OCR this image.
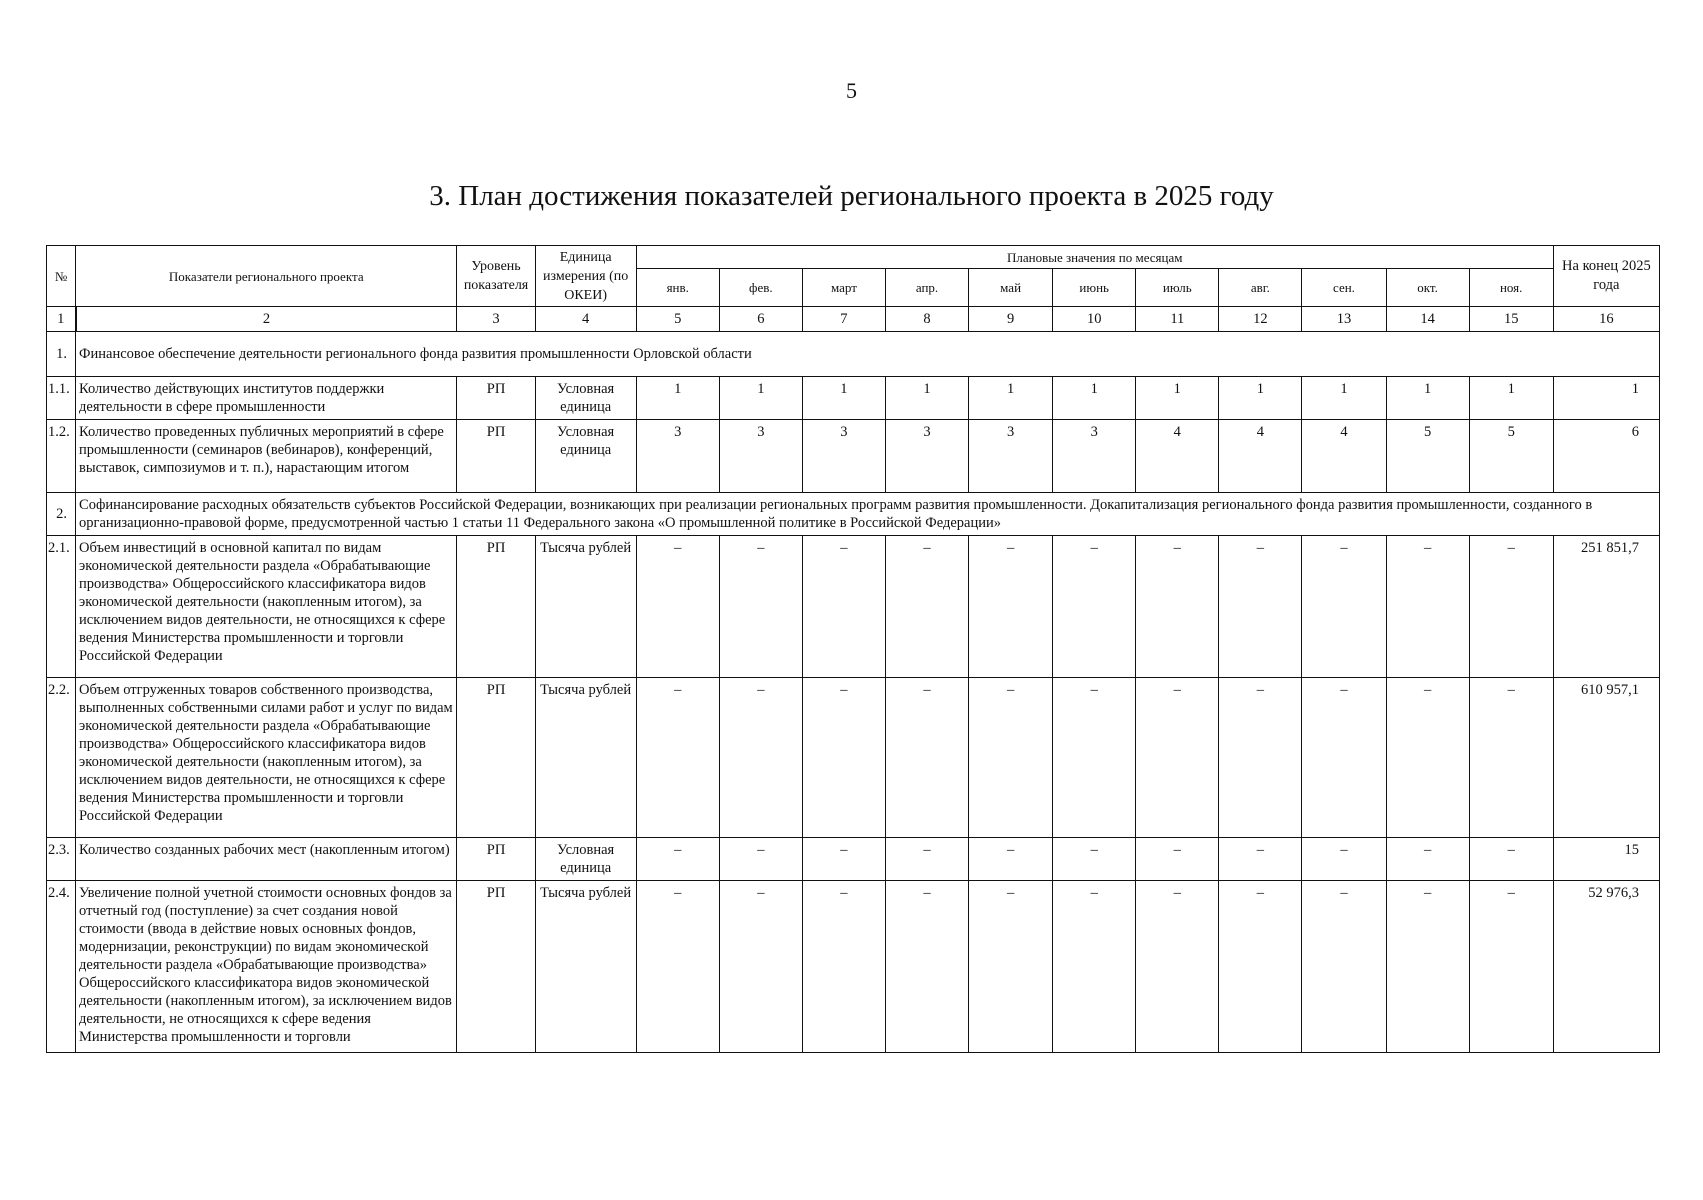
5
3. План достижения показателей регионального проекта в 2025 году
№	Показатели регионального проекта	Уровень показателя	Единица измерения (по ОКЕИ)	Плановые значения по месяцам											На конец 2025 года
				янв.	фев.	март	апр.	май	июнь	июль	авг.	сен.	окт.	ноя.	
1	2	3	4	5	6	7	8	9	10	11	12	13	14	15	16
1.	Финансовое обеспечение деятельности регионального фонда развития промышленности Орловской области														
1.1.	Количество действующих институтов поддержки деятельности в сфере промышленности	РП	Условная единица	1	1	1	1	1	1	1	1	1	1	1	1
1.2.	Количество проведенных публичных мероприятий в сфере промышленности (семинаров (вебинаров), конференций, выставок, симпозиумов и т. п.), нарастающим итогом	РП	Условная единица	3	3	3	3	3	3	4	4	4	5	5	6
2.	Софинансирование расходных обязательств субъектов Российской Федерации, возникающих при реализации региональных программ развития промышленности. Докапитализация регионального фонда развития промышленности, созданного в организационно-правовой форме, предусмотренной частью 1 статьи 11 Федерального закона «О промышленной политике в Российской Федерации»														
2.1.	Объем инвестиций в основной капитал по видам экономической деятельности раздела «Обрабатывающие производства» Общероссийского классификатора видов экономической деятельности (накопленным итогом), за исключением видов деятельности, не относящихся к сфере ведения Министерства промышленности и торговли Российской Федерации	РП	Тысяча рублей	–	–	–	–	–	–	–	–	–	–	–	251 851,7
2.2.	Объем отгруженных товаров собственного производства, выполненных собственными силами работ и услуг по видам экономической деятельности раздела «Обрабатывающие производства» Общероссийского классификатора видов экономической деятельности (накопленным итогом), за исключением видов деятельности, не относящихся к сфере ведения Министерства промышленности и торговли Российской Федерации	РП	Тысяча рублей	–	–	–	–	–	–	–	–	–	–	–	610 957,1
2.3.	Количество созданных рабочих мест (накопленным итогом)	РП	Условная единица	–	–	–	–	–	–	–	–	–	–	–	15
2.4.	Увеличение полной учетной стоимости основных фондов за отчетный год (поступление) за счет создания новой стоимости (ввода в действие новых основных фондов, модернизации, реконструкции) по видам экономической деятельности раздела «Обрабатывающие производства» Общероссийского классификатора видов экономической деятельности (накопленным итогом), за исключением видов деятельности, не относящихся к сфере ведения Министерства промышленности и торговли	РП	Тысяча рублей	–	–	–	–	–	–	–	–	–	–	–	52 976,3
